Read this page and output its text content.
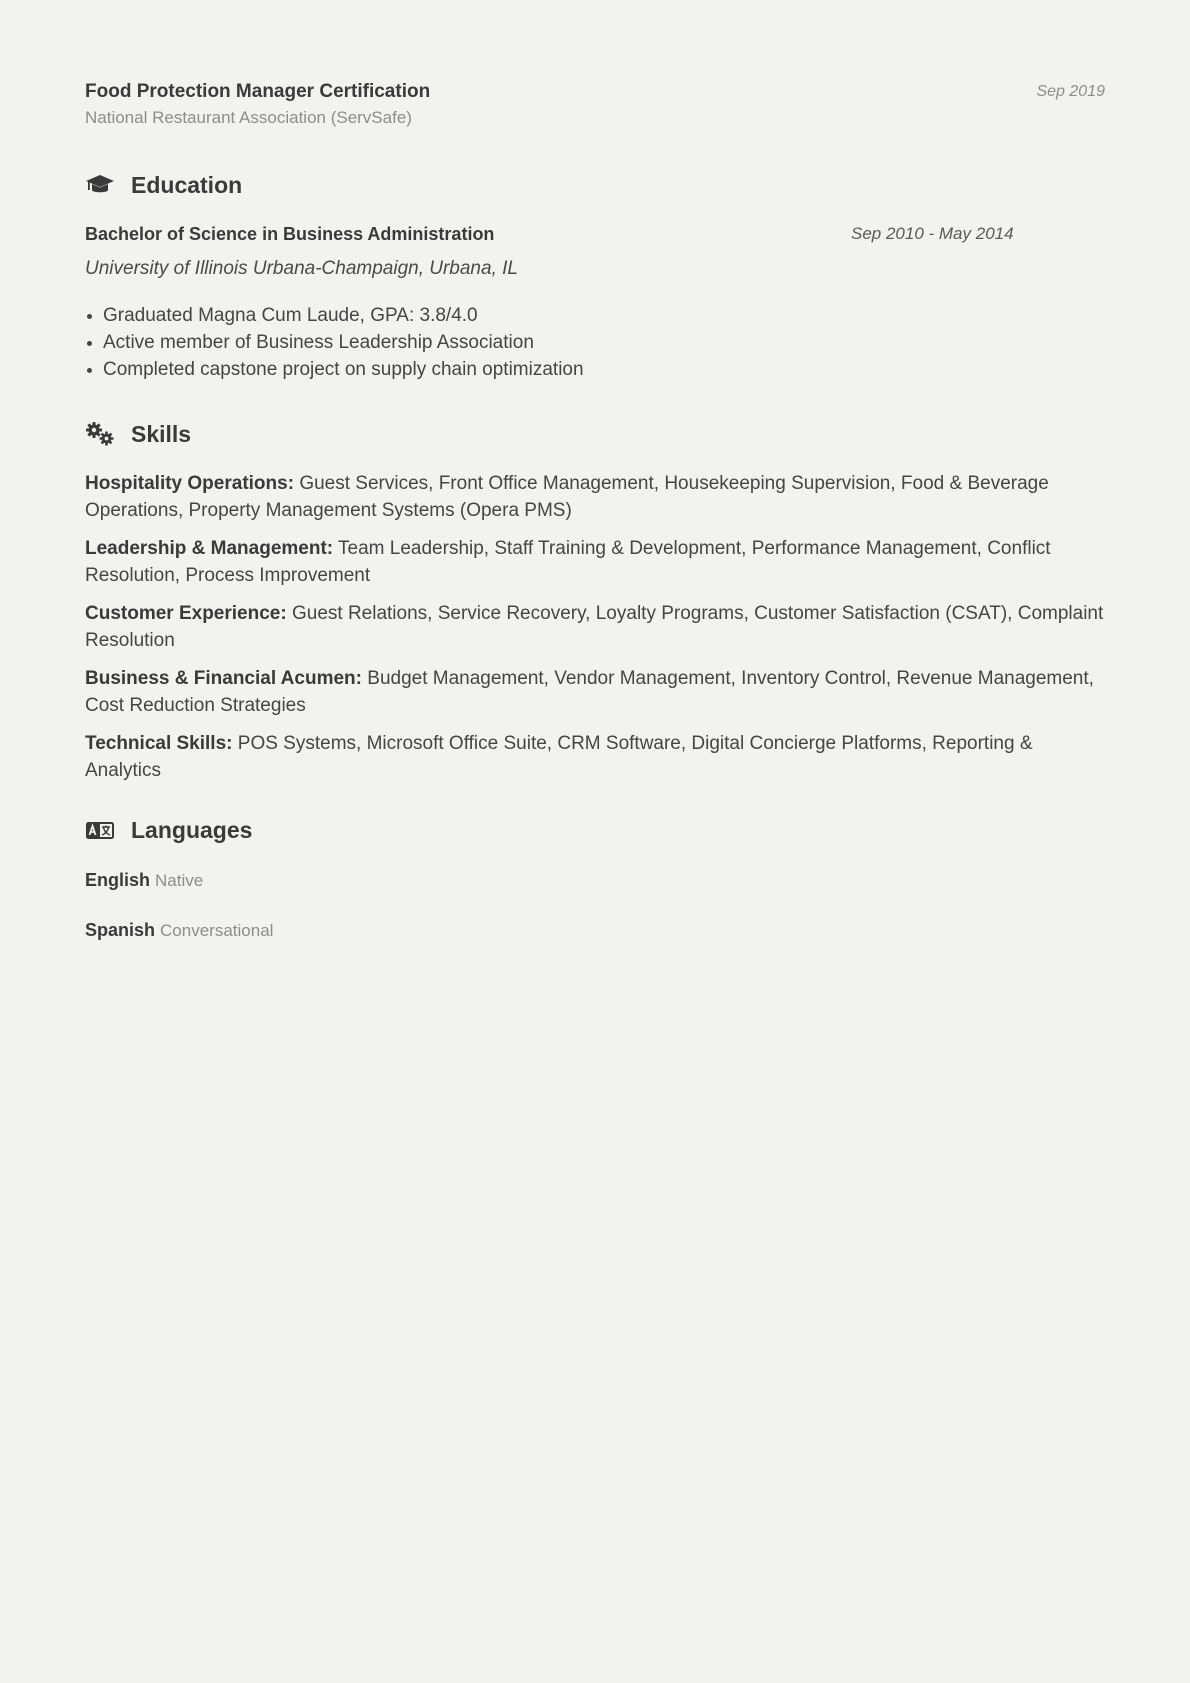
Food Protection Manager Certification
National Restaurant Association (ServSafe)
Sep 2019
Education
Bachelor of Science in Business Administration	Sep 2010 - May 2014
University of Illinois Urbana-Champaign, Urbana, IL
Graduated Magna Cum Laude, GPA: 3.8/4.0
Active member of Business Leadership Association
Completed capstone project on supply chain optimization
Skills
Hospitality Operations: Guest Services, Front Office Management, Housekeeping Supervision, Food & Beverage Operations, Property Management Systems (Opera PMS)
Leadership & Management: Team Leadership, Staff Training & Development, Performance Management, Conflict Resolution, Process Improvement
Customer Experience: Guest Relations, Service Recovery, Loyalty Programs, Customer Satisfaction (CSAT), Complaint Resolution
Business & Financial Acumen: Budget Management, Vendor Management, Inventory Control, Revenue Management, Cost Reduction Strategies
Technical Skills: POS Systems, Microsoft Office Suite, CRM Software, Digital Concierge Platforms, Reporting & Analytics
Languages
English Native
Spanish Conversational
